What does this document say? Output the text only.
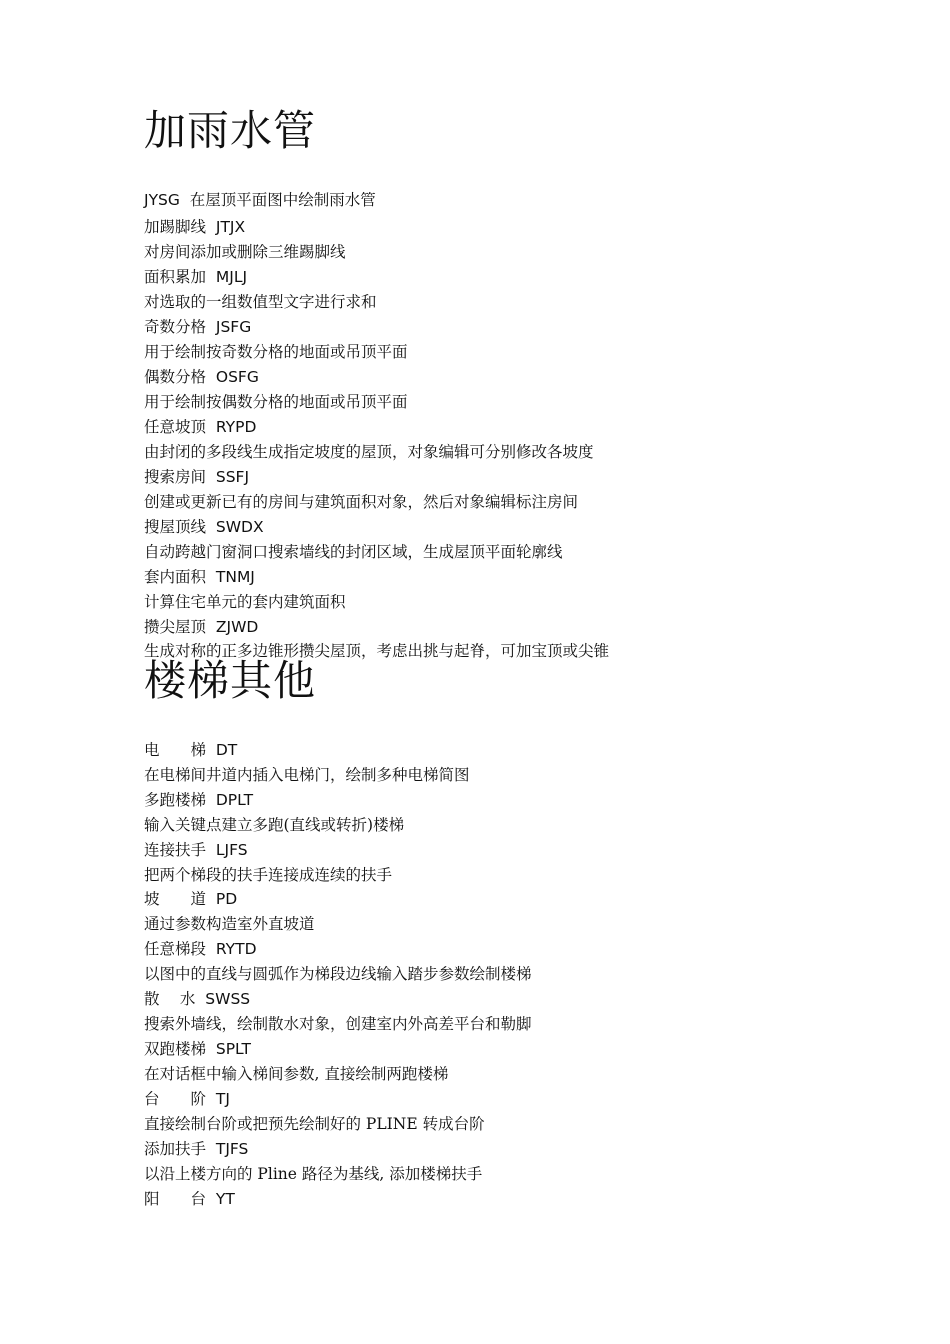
加雨水管

JYSG 在屋顶平面图中绘制雨水管

加踢脚线 JTJX

对房间添加或删除三维踢脚线

面积累加 MJLJ

对选取的一组数值型文字进行求和

奇数分格 JSFG

用于绘制按奇数分格的地面或吊顶平面

偶数分格 OSFG

用于绘制按偶数分格的地面或吊顶平面

任意坡顶 RYPD

由封闭的多段线生成指定坡度的屋顶，对象编辑可分别修改各坡度

搜索房间 SSFJ

创建或更新已有的房间与建筑面积对象，然后对象编辑标注房间

搜屋顶线 SWDX

自动跨越门窗洞口搜索墙线的封闭区域，生成屋顶平面轮廓线

套内面积 TNMJ

计算住宅单元的套内建筑面积

攒尖屋顶 ZJWD

生成对称的正多边锥形攒尖屋顶，考虑出挑与起脊，可加宝顶或尖锥

楼梯其他

电　　梯 DT

在电梯间井道内插入电梯门，绘制多种电梯简图

多跑楼梯 DPLT

输入关键点建立多跑(直线或转折)楼梯

连接扶手 LJFS

把两个梯段的扶手连接成连续的扶手

坡　　道 PD

通过参数构造室外直坡道

任意梯段 RYTD

以图中的直线与圆弧作为梯段边线输入踏步参数绘制楼梯

散　 水 SWSS

搜索外墙线，绘制散水对象，创建室内外高差平台和勒脚

双跑楼梯 SPLT

在对话框中输入梯间参数, 直接绘制两跑楼梯

台　　阶 TJ

直接绘制台阶或把预先绘制好的 PLINE 转成台阶

添加扶手 TJFS

以沿上楼方向的 Pline 路径为基线, 添加楼梯扶手

阳　　台 YT
